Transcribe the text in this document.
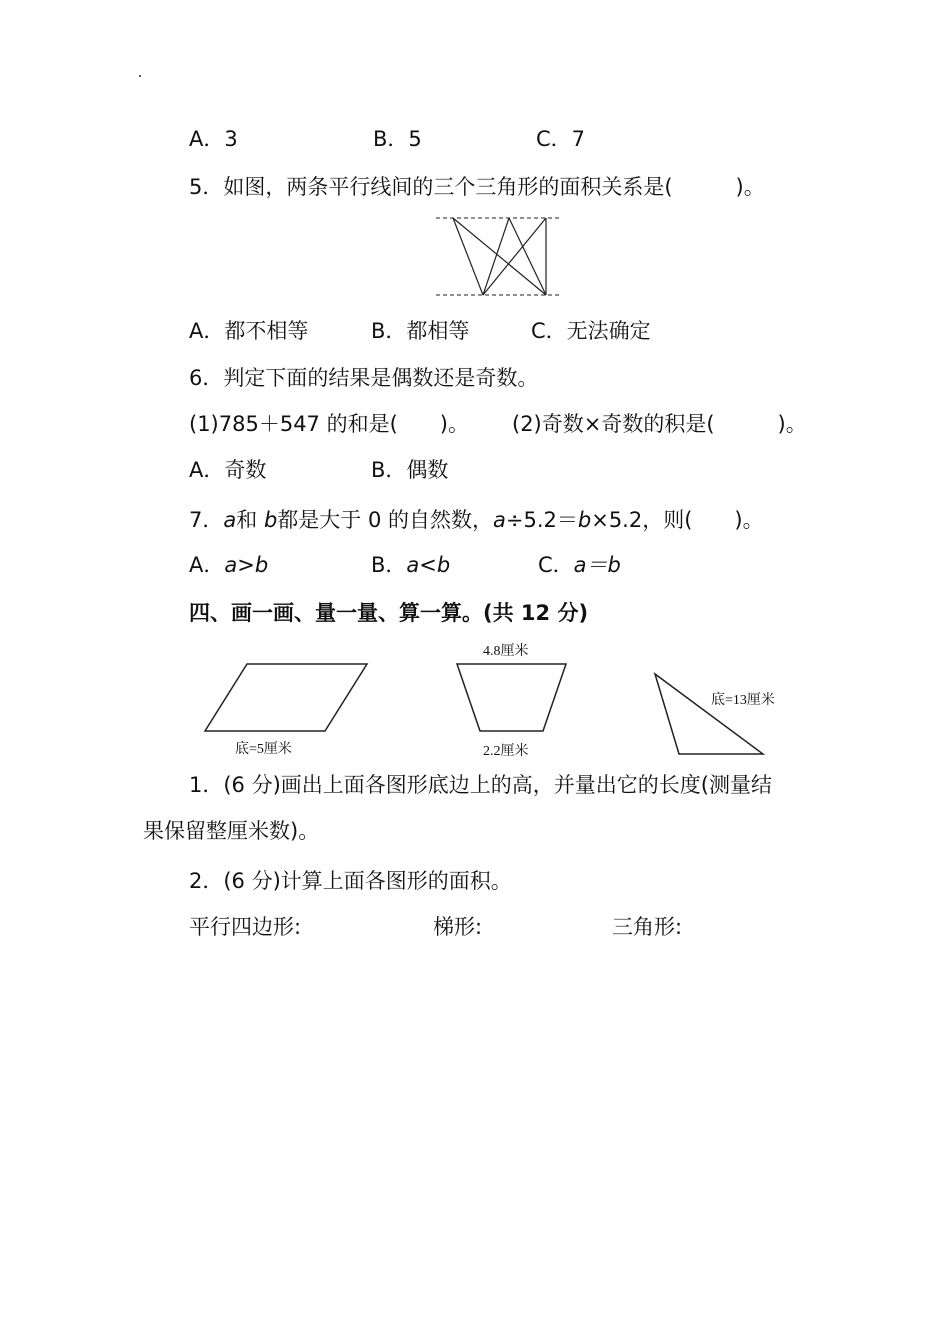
A．3	B．5	C．7
5．如图，两条平行线间的三个三角形的面积关系是(　　　)。
A．都不相等	B．都相等	C．无法确定
6．判定下面的结果是偶数还是奇数。
(1)785＋547 的和是(　　)。 (2)奇数×奇数的积是(　　　)。
A．奇数	B．偶数
7．a和 b都是大于 0 的自然数，a÷5.2＝b×5.2，则(　　)。
A．a>b	B．a<b	C．a＝b
四、画一画、量一量、算一算。(共 12 分)
底=5厘米
4.8厘米
2.2厘米
底=13厘米
1．(6 分)画出上面各图形底边上的高，并量出它的长度(测量结
果保留整厘米数)。
2．(6 分)计算上面各图形的面积。
平行四边形:	梯形:	三角形:
